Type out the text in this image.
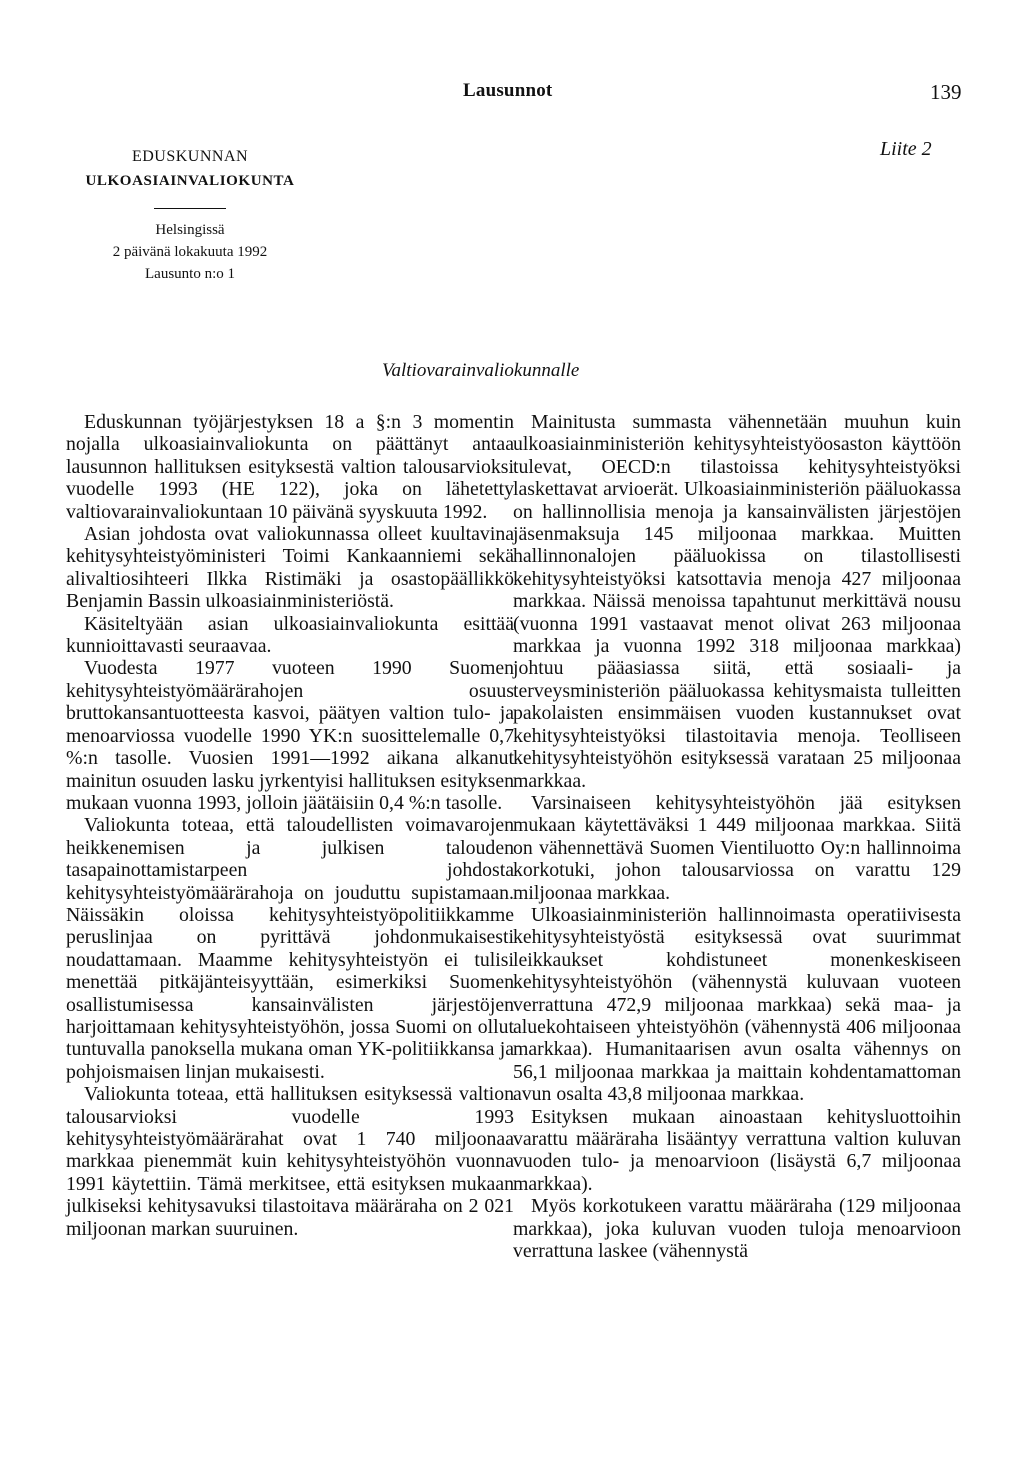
Lausunnot	139
EDUSKUNNAN
ULKOASIAINVALIOKUNTA
Helsingissä
2 päivänä lokakuuta 1992
Lausunto n:o 1
Liite 2
Valtiovarainvaliokunnalle

Eduskunnan työjärjestyksen 18 a §:n 3 momentin nojalla ulkoasiainvaliokunta on päättänyt antaa lausunnon hallituksen esityksestä valtion talousarvioksi vuodelle 1993 (HE 122), joka on lähetetty valtiovarainvaliokuntaan 10 päivänä syyskuuta 1992.

Asian johdosta ovat valiokunnassa olleet kuultavina kehitysyhteistyöministeri Toimi Kankaanniemi sekä alivaltiosihteeri Ilkka Ristimäki ja osastopäällikkö Benjamin Bassin ulkoasiainministeriöstä.

Käsiteltyään asian ulkoasiainvaliokunta esittää kunnioittavasti seuraavaa.

Vuodesta 1977 vuoteen 1990 Suomen kehitysyhteistyömäärärahojen osuus bruttokansantuotteesta kasvoi, päätyen valtion tulo- ja menoarviossa vuodelle 1990 YK:n suosittelemalle 0,7 %:n tasolle. Vuosien 1991—1992 aikana alkanut mainitun osuuden lasku jyrkentyisi hallituksen esityksen mukaan vuonna 1993, jolloin jäätäisiin 0,4 %:n tasolle.

Valiokunta toteaa, että taloudellisten voimavarojen heikkenemisen ja julkisen talouden tasapainottamistarpeen johdosta kehitysyhteistyömäärärahoja on jouduttu supistamaan. Näissäkin oloissa kehitysyhteistyöpolitiikkamme peruslinjaa on pyrittävä johdonmukaisesti noudattamaan. Maamme kehitysyhteistyön ei tulisi menettää pitkäjänteisyyttään, esimerkiksi Suomen osallistumisessa kansainvälisten järjestöjen harjoittamaan kehitysyhteistyöhön, jossa Suomi on ollut tuntuvalla panoksella mukana oman YK-politiikkansa ja pohjoismaisen linjan mukaisesti.

Valiokunta toteaa, että hallituksen esityksessä valtion talousarvioksi vuodelle 1993 kehitysyhteistyömäärärahat ovat 1 740 miljoonaa markkaa pienemmät kuin kehitysyhteistyöhön vuonna 1991 käytettiin. Tämä merkitsee, että esityksen mukaan julkiseksi kehitysavuksi tilastoitava määräraha on 2 021 miljoonan markan suuruinen.

Mainitusta summasta vähennetään muuhun kuin ulkoasiainministeriön kehitysyhteistyöosaston käyttöön tulevat, OECD:n tilastoissa kehitysyhteistyöksi laskettavat arvioerät. Ulkoasiainministeriön pääluokassa on hallinnollisia menoja ja kansainvälisten järjestöjen jäsenmaksuja 145 miljoonaa markkaa. Muitten hallinnonalojen pääluokissa on tilastollisesti kehitysyhteistyöksi katsottavia menoja 427 miljoonaa markkaa. Näissä menoissa tapahtunut merkittävä nousu (vuonna 1991 vastaavat menot olivat 263 miljoonaa markkaa ja vuonna 1992 318 miljoonaa markkaa) johtuu pääasiassa siitä, että sosiaali- ja terveysministeriön pääluokassa kehitysmaista tulleitten pakolaisten ensimmäisen vuoden kustannukset ovat kehitysyhteistyöksi tilastoitavia menoja. Teolliseen kehitysyhteistyöhön esityksessä varataan 25 miljoonaa markkaa.

Varsinaiseen kehitysyhteistyöhön jää esityksen mukaan käytettäväksi 1 449 miljoonaa markkaa. Siitä on vähennettävä Suomen Vientiluotto Oy:n hallinnoima korkotuki, johon talousarviossa on varattu 129 miljoonaa markkaa.

Ulkoasiainministeriön hallinnoimasta operatiivisesta kehitysyhteistyöstä esityksessä ovat suurimmat leikkaukset kohdistuneet monenkeskiseen kehitysyhteistyöhön (vähennystä kuluvaan vuoteen verrattuna 472,9 miljoonaa markkaa) sekä maa- ja aluekohtaiseen yhteistyöhön (vähennystä 406 miljoonaa markkaa). Humanitaarisen avun osalta vähennys on 56,1 miljoonaa markkaa ja maittain kohdentamattoman avun osalta 43,8 miljoonaa markkaa.

Esityksen mukaan ainoastaan kehitysluottoihin varattu määräraha lisääntyy verrattuna valtion kuluvan vuoden tulo- ja menoarvioon (lisäystä 6,7 miljoonaa markkaa).

Myös korkotukeen varattu määräraha (129 miljoonaa markkaa), joka kuluvan vuoden tuloja menoarvioon verrattuna laskee (vähennystä
